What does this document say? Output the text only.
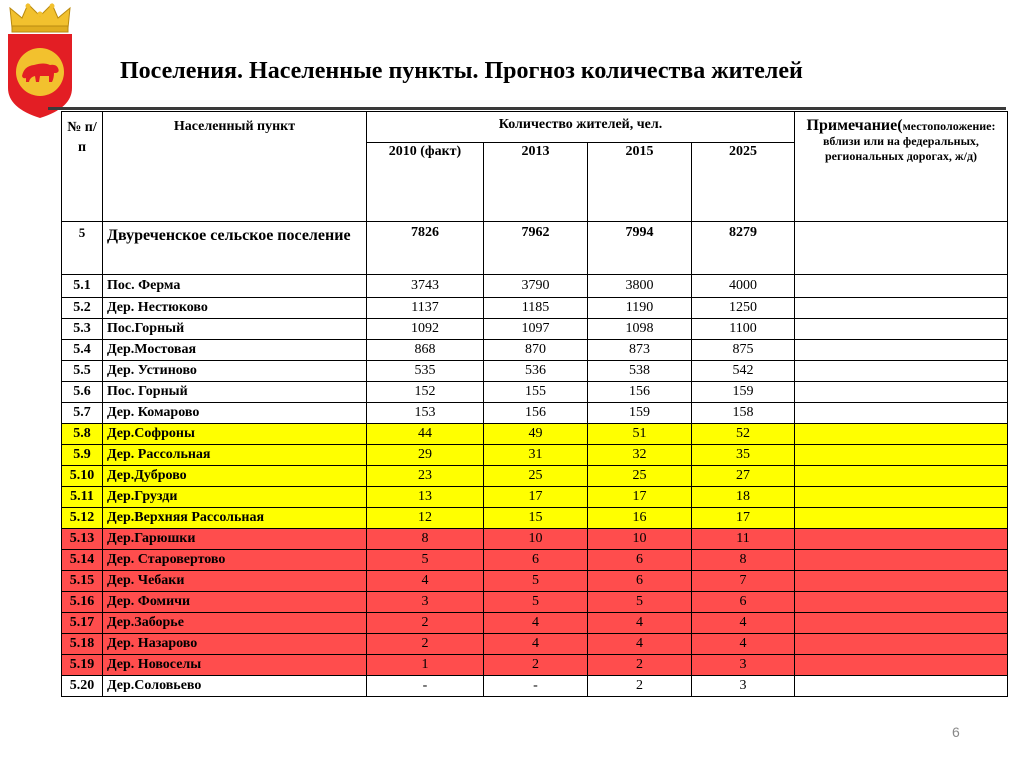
Поселения. Населенные пункты. Прогноз количества жителей
№ п/п	Населенный пункт	Количество жителей, чел.				Примечание(местоположение: вблизи или на федеральных, региональных дорогах, ж/д)
		2010 (факт)	2013	2015	2025	
5	Двуреченское сельское поселение	7826	7962	7994	8279	
5.1	Пос. Ферма	3743	3790	3800	4000	
5.2	Дер. Нестюково	1137	1185	1190	1250	
5.3	Пос.Горный	1092	1097	1098	1100	
5.4	Дер.Мостовая	868	870	873	875	
5.5	Дер. Устиново	535	536	538	542	
5.6	Пос. Горный	152	155	156	159	
5.7	Дер. Комарово	153	156	159	158	
5.8	Дер.Софроны	44	49	51	52	
5.9	Дер. Рассольная	29	31	32	35	
5.10	Дер.Дуброво	23	25	25	27	
5.11	Дер.Грузди	13	17	17	18	
5.12	Дер.Верхняя Рассольная	12	15	16	17	
5.13	Дер.Гарюшки	8	10	10	11	
5.14	Дер. Старовертово	5	6	6	8	
5.15	Дер. Чебаки	4	5	6	7	
5.16	Дер. Фомичи	3	5	5	6	
5.17	Дер.Заборье	2	4	4	4	
5.18	Дер. Назарово	2	4	4	4	
5.19	Дер. Новоселы	1	2	2	3	
5.20	Дер.Соловьево	-	-	2	3	
6
